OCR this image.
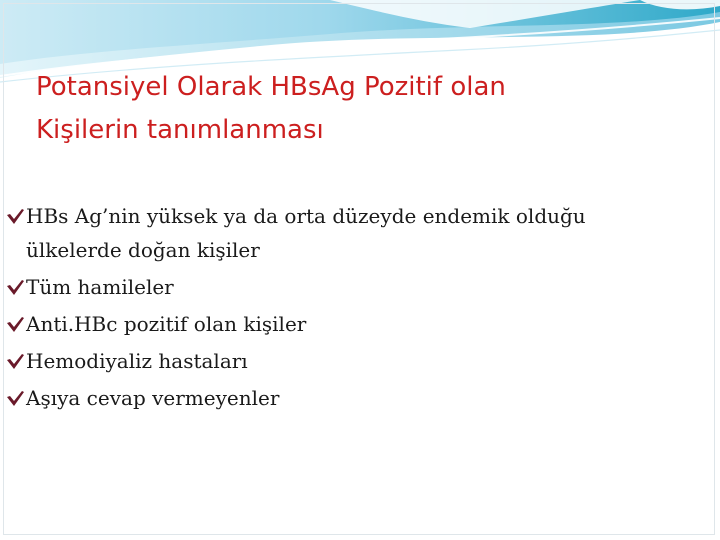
Potansiyel Olarak HBsAg Pozitif olan
Kişilerin tanımlanması
HBs Ag’nin yüksek ya da orta düzeyde endemik olduğu
ülkelerde doğan kişiler
Tüm hamileler
Anti.HBc pozitif olan kişiler
Hemodiyaliz hastaları
Aşıya cevap vermeyenler
